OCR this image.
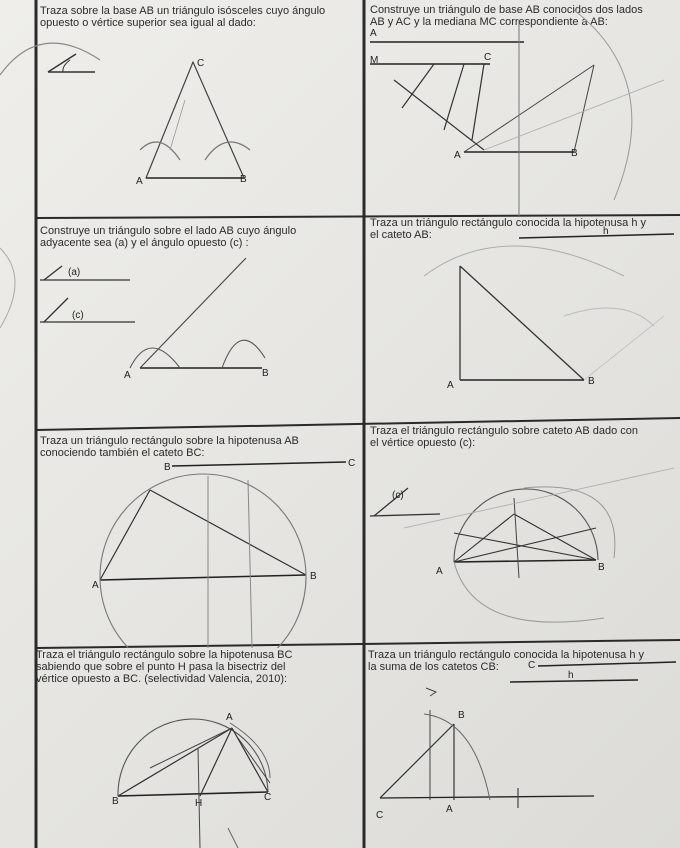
Traza sobre la base AB un triángulo isósceles cuyo ángulo
opuesto o vértice superior sea igual al dado:
C
A	B
Construye un triángulo de base AB conocidos dos lados
AB y AC y la mediana MC correspondiente a AB:
A
C
M
A	B
Construye un triángulo sobre el lado AB cuyo ángulo
adyacente sea (a) y el ángulo opuesto (c) :
(a)
(c)
A	B
Traza un triángulo rectángulo conocida la hipotenusa h y
el cateto AB:	h
A	B
Traza un triángulo rectángulo sobre la hipotenusa AB
conociendo también el cateto BC:
B	C
A
B
Traza el triángulo rectángulo sobre cateto AB dado con
el vértice opuesto (c):
(c)
A	B
Traza el triángulo rectángulo sobre la hipotenusa BC
sabiendo que sobre el punto H pasa la bisectriz del
vértice opuesto a BC. (selectividad Valencia, 2010):
A
B	H
C
Traza un triángulo rectángulo conocida la hipotenusa h y
la suma de los catetos CB:	C
h
B
C
A
